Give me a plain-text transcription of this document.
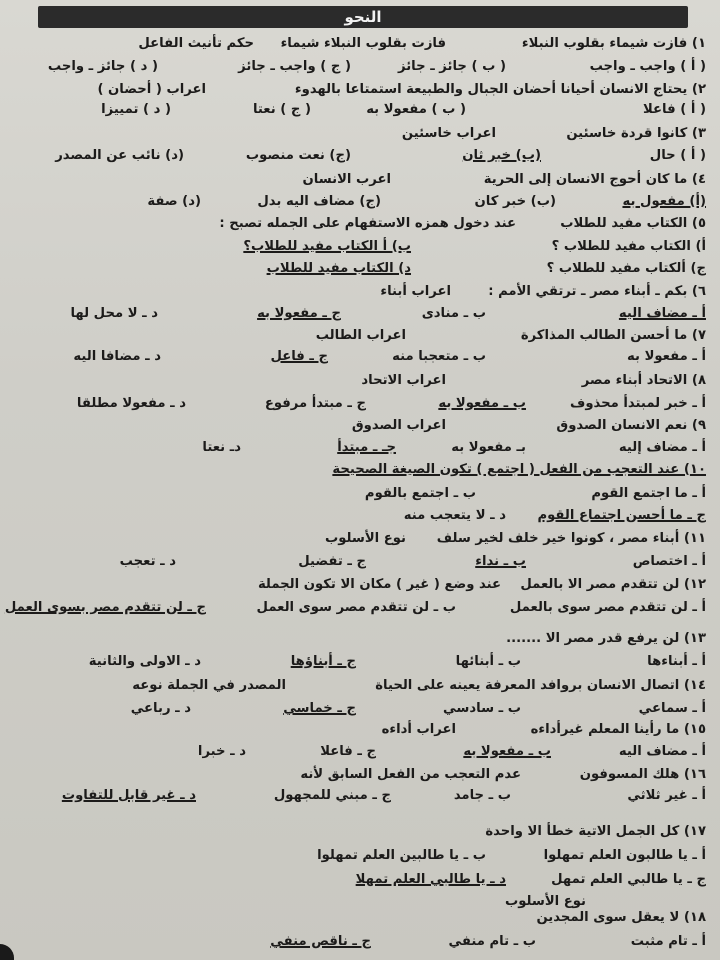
النحو
١) فازت شيماء بقلوب النبلاء
فازت بقلوب النبلاء شيماء
حكم تأنيث الفاعل
( أ ) واجب ـ واجب
( ب ) جائز ـ جائز
( ج ) واجب ـ جائز
( د ) جائز ـ واجب
٢) يحتاج الانسان أحيانا أحضان الجبال والطبيعة استمتاعا بالهدوء
اعراب ( أحضان )
( أ ) فاعلا
( ب ) مفعولا به
( ج ) نعتا
( د ) تمييزا
٣) كانوا قردة خاسئين
اعراب خاسئين
( أ ) حال
(ب) خبر ثان
(ج) نعت منصوب
(د) نائب عن المصدر
٤) ما كان أحوج الانسان إلى الحرية
اعرب الانسان
(أ) مفعول به
(ب) خبر كان
(ج) مضاف اليه بدل
(د) صفة
٥) الكتاب مفيد للطلاب
عند دخول همزه الاستفهام على الجمله تصبح :
أ) الكتاب مفيد للطلاب ؟
ب) أ الكتاب مفيد للطلاب؟
ج) ألكتاب مفيد للطلاب ؟
د) الكتاب مفيد للطلاب
٦) بكم ـ أبناء مصر ـ ترتقي الأمم :
اعراب أبناء
أ ـ مضاف اليه
ب ـ منادى
ج ـ مفعولا به
د ـ لا محل لها
٧) ما أحسن الطالب المذاكرة
اعراب الطالب
أ ـ مفعولا به
ب ـ متعجبا منه
ج ـ فاعل
د ـ مضافا اليه
٨) الاتحاد أبناء مصر
اعراب الاتحاد
أ ـ خبر لمبتدأ محذوف
ب ـ مفعولا به
ج ـ مبتدأ مرفوع
د ـ مفعولا مطلقا
٩) نعم الانسان الصدوق
اعراب الصدوق
أ ـ مضاف إليه
بـ مفعولا به
جـ ـ مبتدأ
دـ نعتا
١٠) عند التعجب من الفعل ( اجتمع ) تكون الصيغة الصحيحة
أ ـ ما اجتمع القوم
ب ـ اجتمع بالقوم
ج ـ ما أحسن اجتماع القوم
د ـ لا يتعجب منه
١١) أبناء مصر ، كونوا خير خلف لخير سلف
نوع الأسلوب
أ ـ اختصاص
ب ـ نداء
ج ـ تفضيل
د ـ تعجب
١٢) لن تتقدم مصر الا بالعمل
عند وضع ( غير ) مكان الا تكون الجملة
أ ـ لن تتقدم مصر سوى بالعمل
ب ـ لن تتقدم مصر سوى العمل
ج ـ لن تتقدم مصر بسوى العمل
١٣) لن يرفع قدر مصر الا .......
أ ـ أبناءها
ب ـ أبنائها
ج ـ أبناؤها
د ـ الاولى والثانية
١٤) اتصال الانسان بروافد المعرفة يعينه على الحياة
المصدر في الجملة نوعه
أ ـ سماعي
ب ـ سادسي
ج ـ خماسي
د ـ رباعي
١٥) ما رأينا المعلم غيرأداءه
اعراب أداءه
أ ـ مضاف اليه
ب ـ مفعولا به
ج ـ فاعلا
د ـ خبرا
١٦) هلك المسوفون
عدم التعجب من الفعل السابق لأنه
أ ـ غير ثلاثي
ب ـ جامد
ج ـ مبني للمجهول
د ـ غير قابل للتفاوت
١٧) كل الجمل الاتية خطأ الا واحدة
أ ـ يا طالبون العلم تمهلوا
ب ـ يا طالبين العلم تمهلوا
ج ـ يا طالبي العلم تمهل
د ـ يا طالبي العلم تمهلا
نوع الأسلوب
١٨) لا يعقل سوى المجدين
أ ـ تام مثبت
ب ـ تام منفي
ج ـ ناقص منفي
